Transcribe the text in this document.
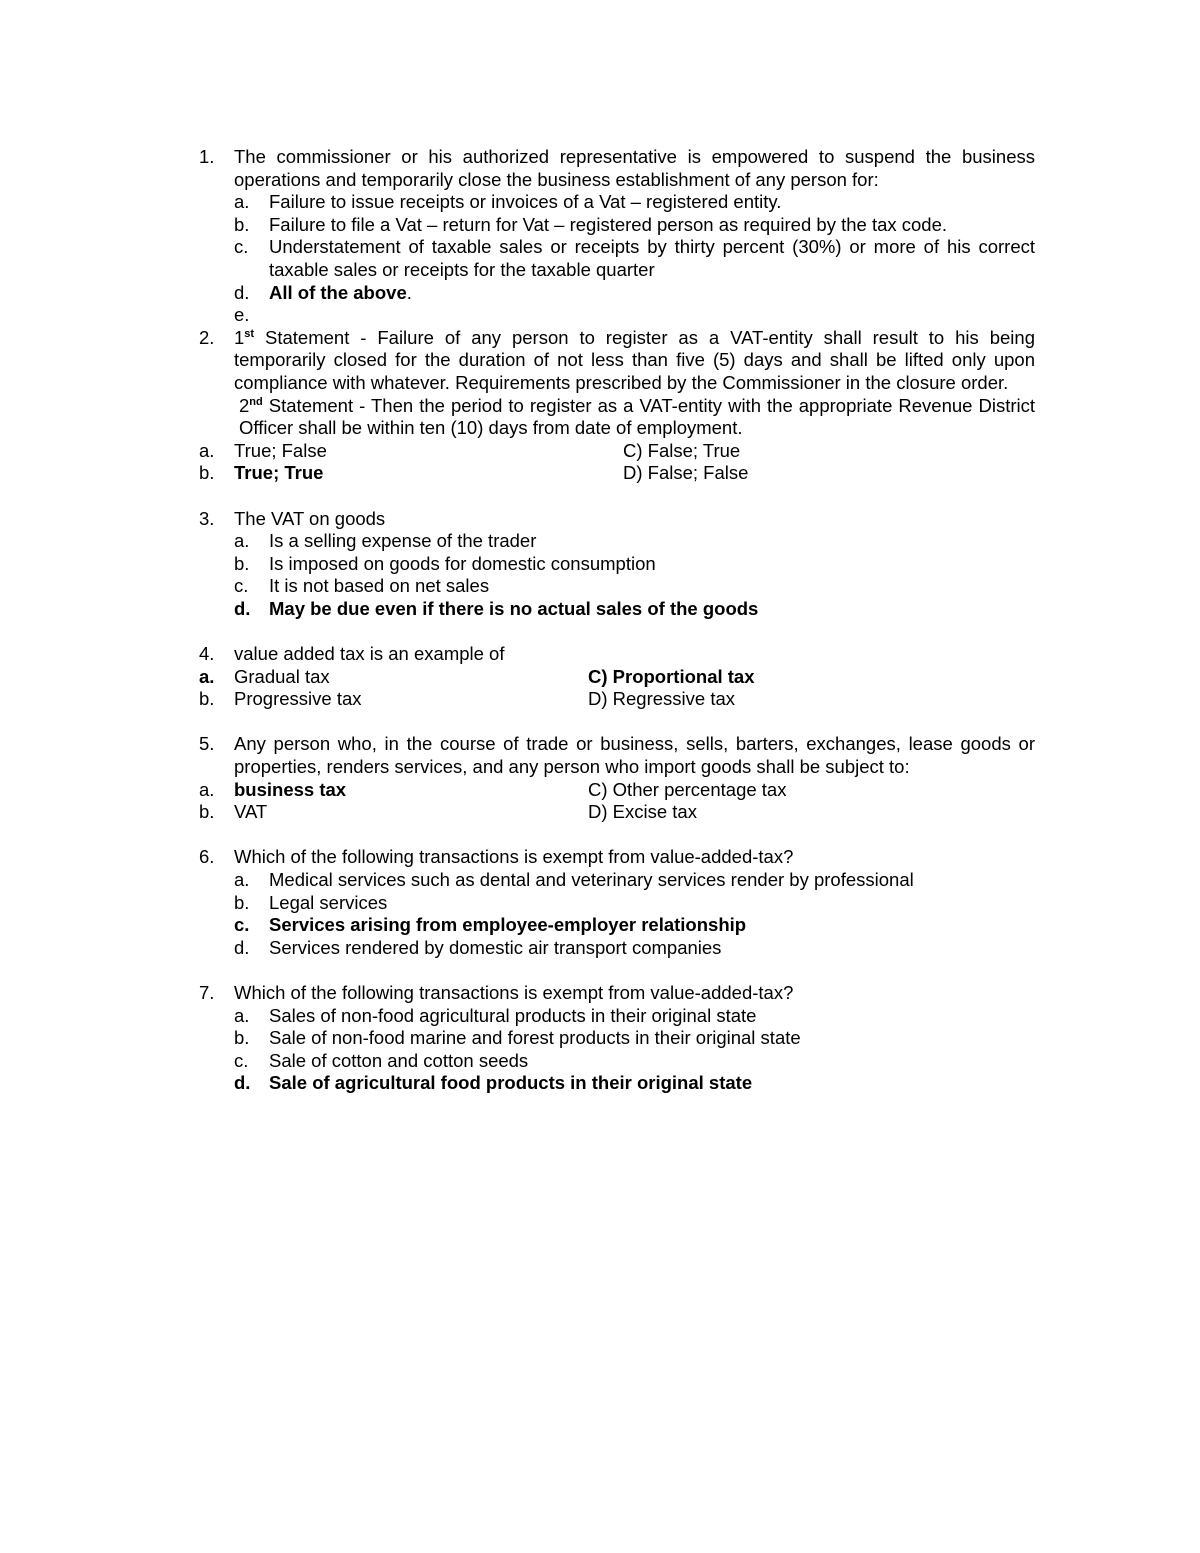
1. The commissioner or his authorized representative is empowered to suspend the business operations and temporarily close the business establishment of any person for:
a. Failure to issue receipts or invoices of a Vat – registered entity.
b. Failure to file a Vat – return for Vat – registered person as required by the tax code.
c. Understatement of taxable sales or receipts by thirty percent (30%) or more of his correct taxable sales or receipts for the taxable quarter
d. All of the above.
e.

2. 1st Statement - Failure of any person to register as a VAT-entity shall result to his being temporarily closed for the duration of not less than five (5) days and shall be lifted only upon compliance with whatever. Requirements prescribed by the Commissioner in the closure order.
2nd Statement - Then the period to register as a VAT-entity with the appropriate Revenue District Officer shall be within ten (10) days from date of employment.
a. True; False	C) False; True
b. True; True	D) False; False
3. The VAT on goods
a. Is a selling expense of the trader
b. Is imposed on goods for domestic consumption
c. It is not based on net sales
d. May be due even if there is no actual sales of the goods
4. value added tax is an example of
a. Gradual tax	C) Proportional tax
b. Progressive tax	D) Regressive tax
5. Any person who, in the course of trade or business, sells, barters, exchanges, lease goods or properties, renders services, and any person who import goods shall be subject to:
a. business tax	C) Other percentage tax
b. VAT	D) Excise tax
6. Which of the following transactions is exempt from value-added-tax?
a. Medical services such as dental and veterinary services render by professional
b. Legal services
c. Services arising from employee-employer relationship
d. Services rendered by domestic air transport companies
7. Which of the following transactions is exempt from value-added-tax?
a. Sales of non-food agricultural products in their original state
b. Sale of non-food marine and forest products in their original state
c. Sale of cotton and cotton seeds
d. Sale of agricultural food products in their original state
